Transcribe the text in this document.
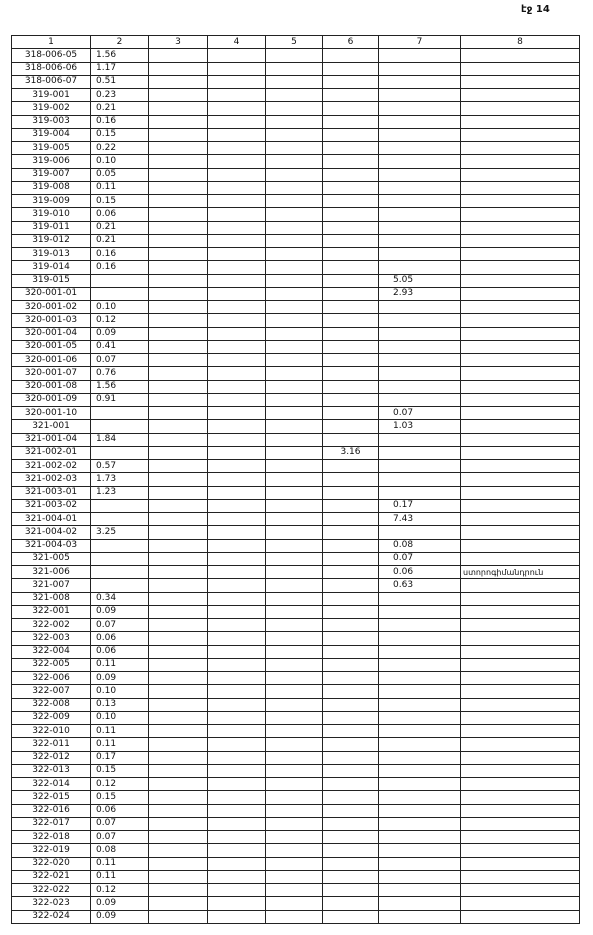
էջ 14
1	2	3	4	5	6	7	8
318-006-05	1.56						
318-006-06	1.17						
318-006-07	0.51						
319-001	0.23						
319-002	0.21						
319-003	0.16						
319-004	0.15						
319-005	0.22						
319-006	0.10						
319-007	0.05						
319-008	0.11						
319-009	0.15						
319-010	0.06						
319-011	0.21						
319-012	0.21						
319-013	0.16						
319-014	0.16						
319-015						5.05	
320-001-01						2.93	
320-001-02	0.10						
320-001-03	0.12						
320-001-04	0.09						
320-001-05	0.41						
320-001-06	0.07						
320-001-07	0.76						
320-001-08	1.56						
320-001-09	0.91						
320-001-10						0.07	
321-001						1.03	
321-001-04	1.84						
321-002-01					3.16		
321-002-02	0.57						
321-002-03	1.73						
321-003-01	1.23						
321-003-02						0.17	
321-004-01						7.43	
321-004-02	3.25						
321-004-03						0.08	
321-005						0.07	
321-006						0.06	ստորոգիմանդրուն
321-007						0.63	
321-008	0.34						
322-001	0.09						
322-002	0.07						
322-003	0.06						
322-004	0.06						
322-005	0.11						
322-006	0.09						
322-007	0.10						
322-008	0.13						
322-009	0.10						
322-010	0.11						
322-011	0.11						
322-012	0.17						
322-013	0.15						
322-014	0.12						
322-015	0.15						
322-016	0.06						
322-017	0.07						
322-018	0.07						
322-019	0.08						
322-020	0.11						
322-021	0.11						
322-022	0.12						
322-023	0.09						
322-024	0.09						
